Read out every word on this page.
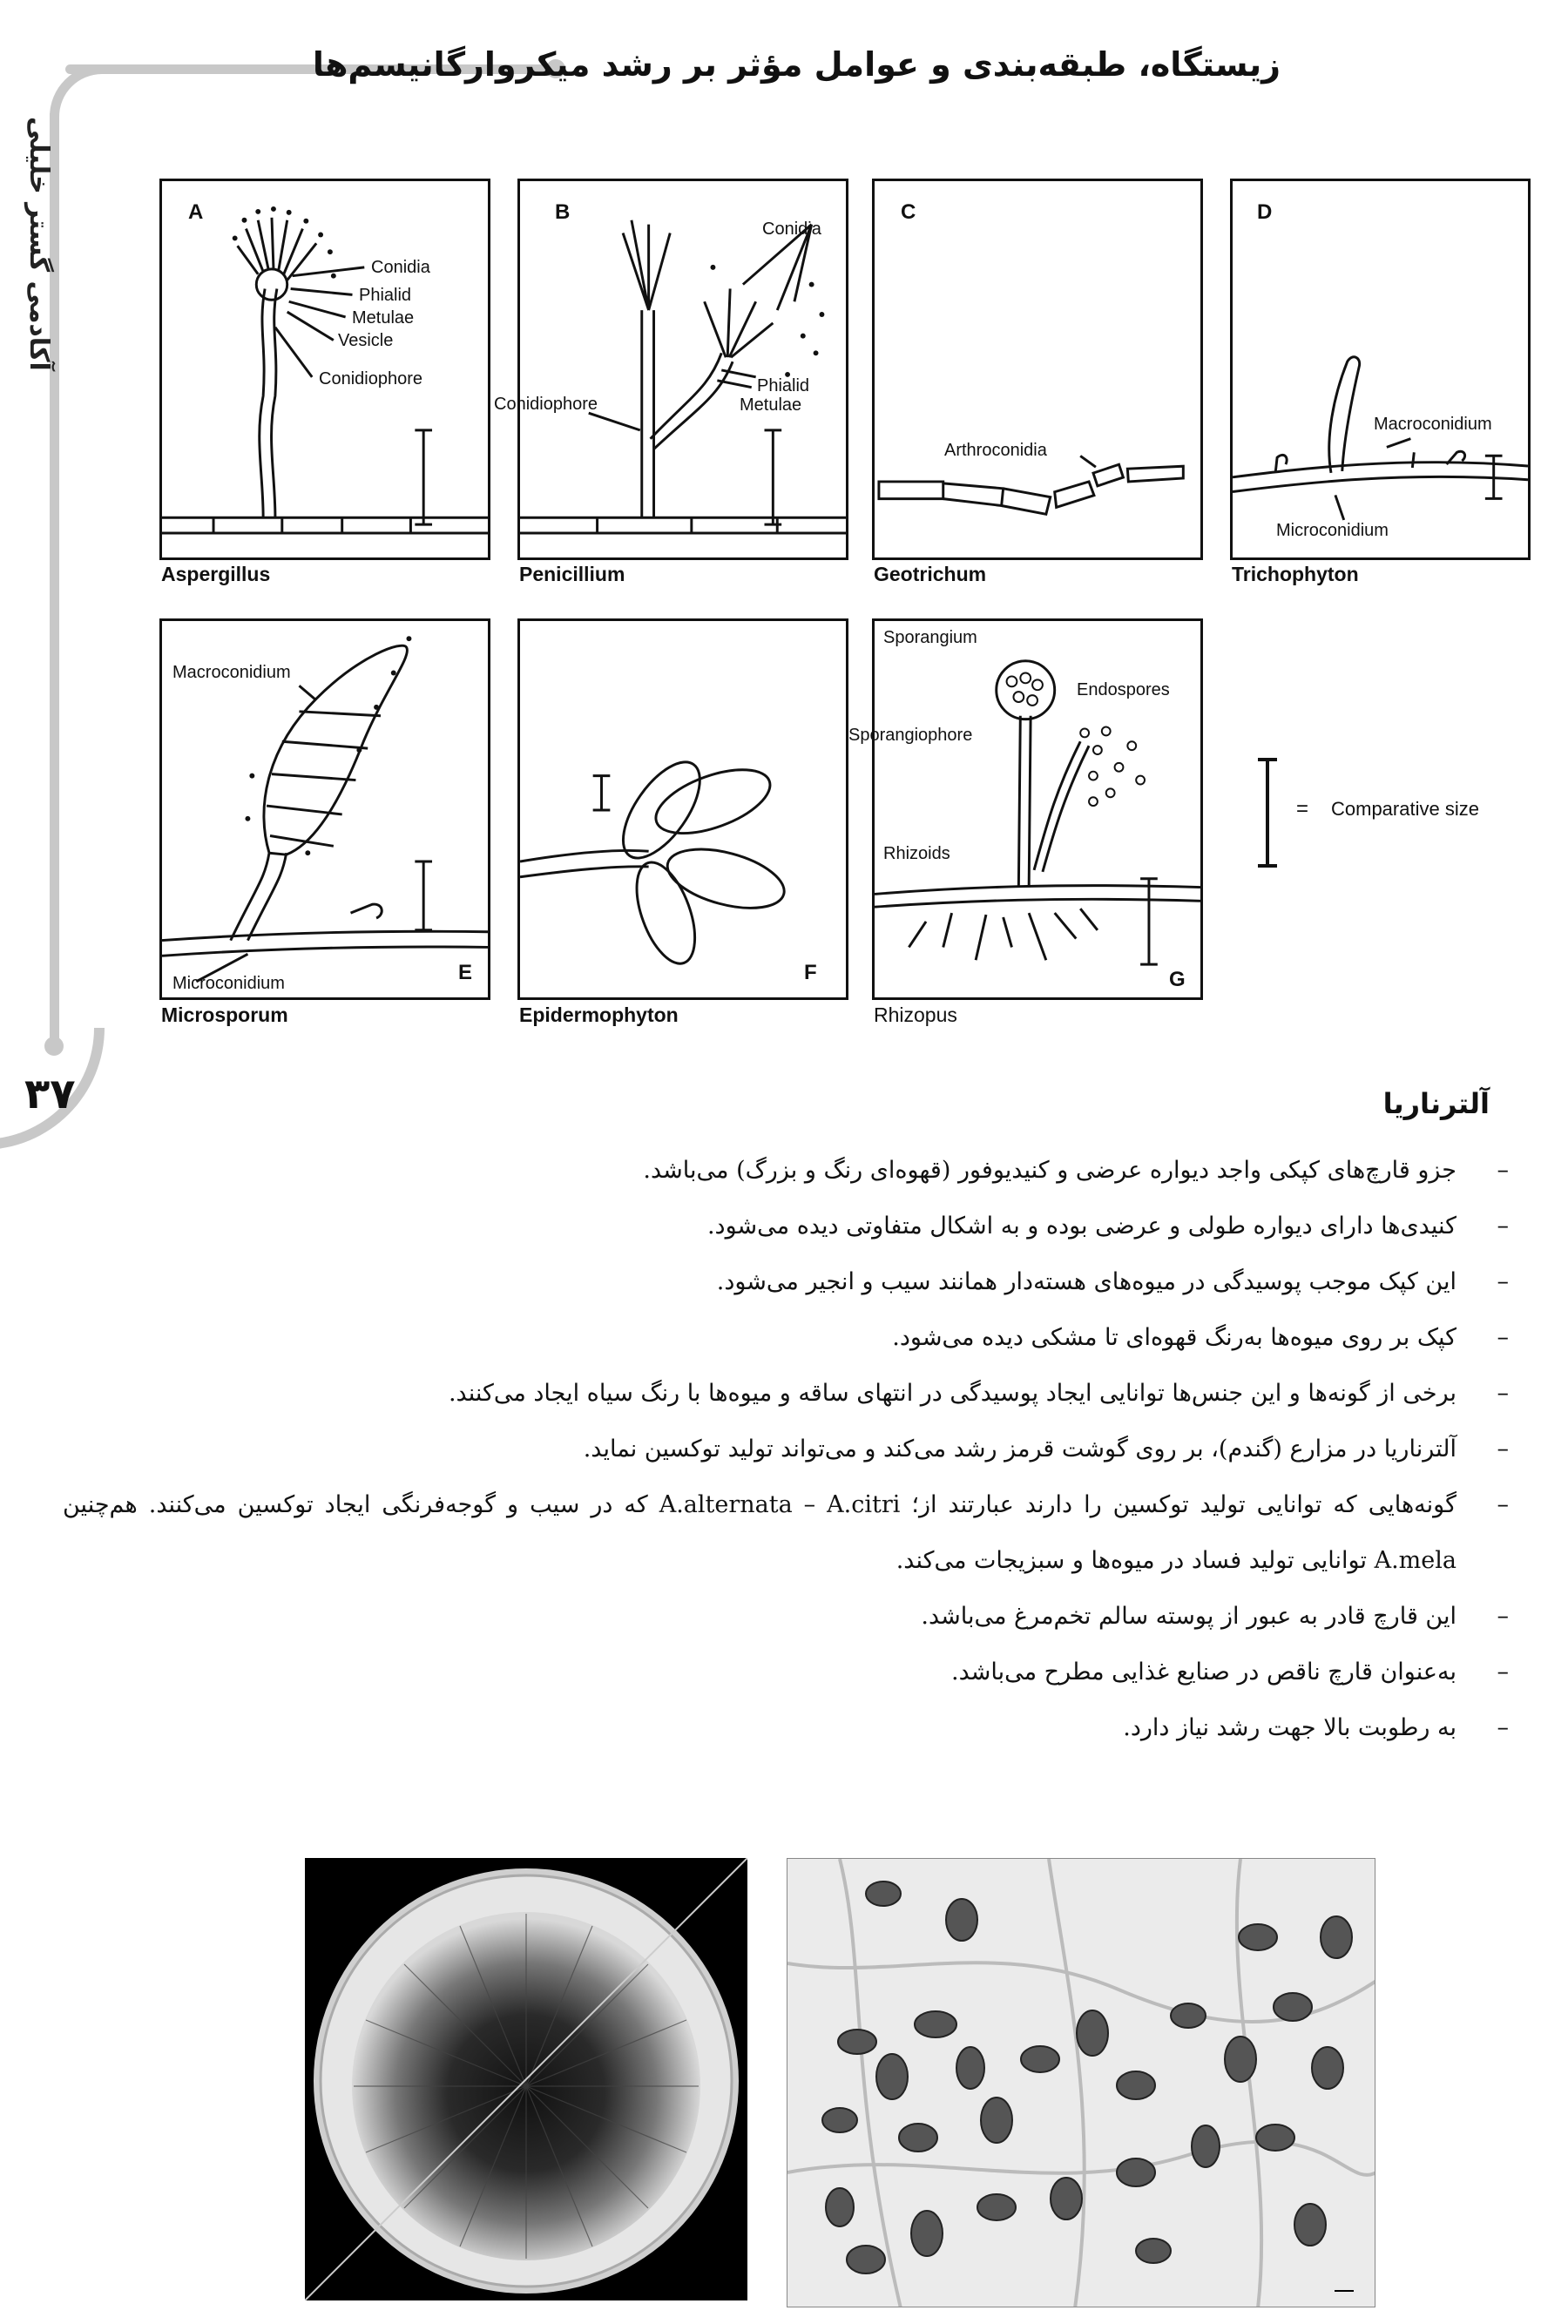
زیستگاه، طبقه‌بندی و عوامل مؤثر بر رشد میکروارگانیسم‌ها
آکادمی گستر خلیلی
۳۷
A
Conidia
Phialid
Metulae
Vesicle
Conidiophore
Aspergillus
B
Conidia
Conidiophore
Phialid
Metulae
Penicillium
C
Arthroconidia
Geotrichum
D
Macroconidium
Microconidium
Trichophyton
E
Macroconidium
Microconidium
Microsporum
F
Epidermophyton
G
Sporangium
Endospores
Sporangiophore
Rhizoids
Rhizopus
= Comparative size
آلترناریا
–
جزو قارچ‌های کپکی واجد دیواره عرضی و کنیدیوفور (قهوه‌ای رنگ و بزرگ) می‌باشد.
–
کنیدی‌ها دارای دیواره طولی و عرضی بوده و به اشکال متفاوتی دیده می‌شود.
–
این کپک موجب پوسیدگی در میوه‌های هسته‌دار همانند سیب و انجیر می‌شود.
–
کپک بر روی میوه‌ها به‌رنگ قهوه‌ای تا مشکی دیده می‌شود.
–
برخی از گونه‌ها و این جنس‌ها توانایی ایجاد پوسیدگی در انتهای ساقه و میوه‌ها با رنگ سیاه ایجاد می‌کنند.
–
آلترناریا در مزارع (گندم)، بر روی گوشت قرمز رشد می‌کند و می‌تواند تولید توکسین نماید.
–
گونه‌هایی که توانایی تولید توکسین را دارند عبارتند از؛ A.alternata – A.citri که در سیب و گوجه‌فرنگی ایجاد توکسین می‌کنند. هم‌چنین A.mela توانایی تولید فساد در میوه‌ها و سبزیجات می‌کند.
–
این قارچ قادر به عبور از پوسته سالم تخم‌مرغ می‌باشد.
–
به‌عنوان قارچ ناقص در صنایع غذایی مطرح می‌باشد.
–
به رطوبت بالا جهت رشد نیاز دارد.
